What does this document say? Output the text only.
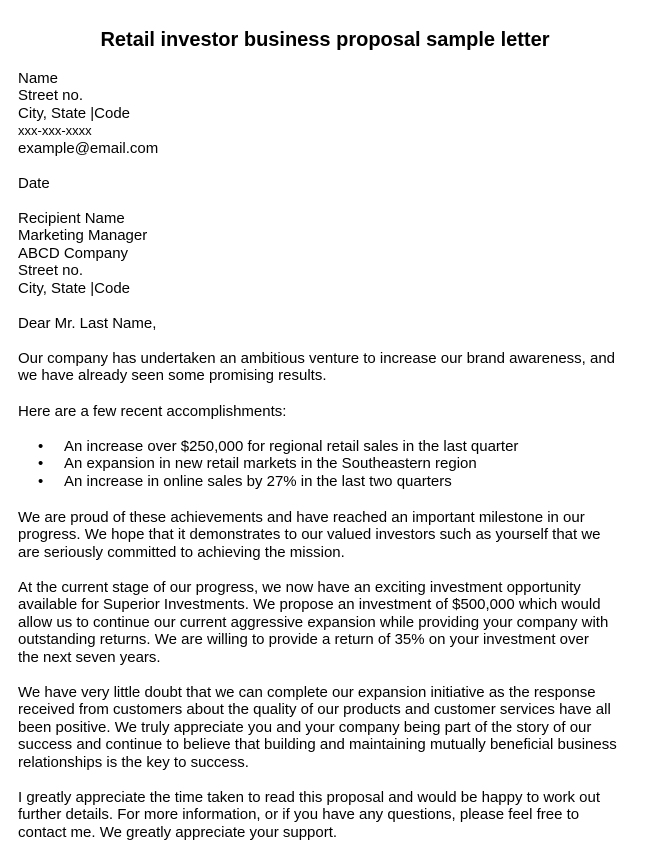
Retail investor business proposal sample letter
Name
Street no.
City, State |Code
xxx-xxx-xxxx
example@email.com
Date
Recipient Name
Marketing Manager
ABCD Company
Street no.
City, State |Code
Dear Mr. Last Name,
Our company has undertaken an ambitious venture to increase our brand awareness, and
we have already seen some promising results.
Here are a few recent accomplishments:
• An increase over $250,000 for regional retail sales in the last quarter
• An expansion in new retail markets in the Southeastern region
• An increase in online sales by 27% in the last two quarters
We are proud of these achievements and have reached an important milestone in our
progress. We hope that it demonstrates to our valued investors such as yourself that we
are seriously committed to achieving the mission.
At the current stage of our progress, we now have an exciting investment opportunity
available for Superior Investments. We propose an investment of $500,000 which would
allow us to continue our current aggressive expansion while providing your company with
outstanding returns. We are willing to provide a return of 35% on your investment over
the next seven years.
We have very little doubt that we can complete our expansion initiative as the response
received from customers about the quality of our products and customer services have all
been positive. We truly appreciate you and your company being part of the story of our
success and continue to believe that building and maintaining mutually beneficial business
relationships is the key to success.
I greatly appreciate the time taken to read this proposal and would be happy to work out
further details. For more information, or if you have any questions, please feel free to
contact me. We greatly appreciate your support.
